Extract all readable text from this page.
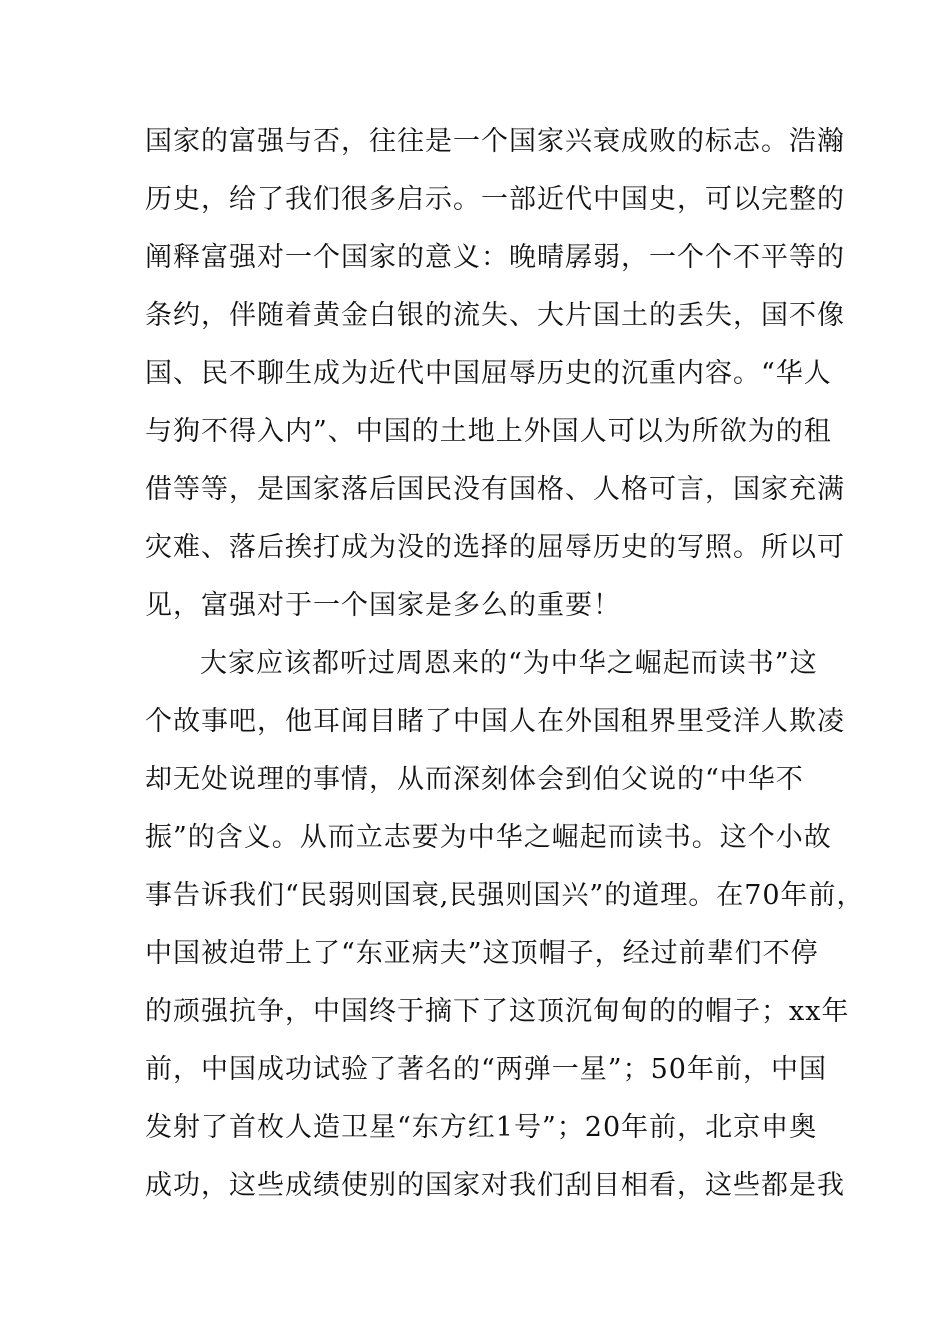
国家的富强与否，往往是一个国家兴衰成败的标志。浩瀚
历史，给了我们很多启示。一部近代中国史，可以完整的
阐释富强对一个国家的意义：晚晴孱弱，一个个不平等的
条约，伴随着黄金白银的流失、大片国土的丢失，国不像
国、民不聊生成为近代中国屈辱历史的沉重内容。“华人
与狗不得入内”、中国的土地上外国人可以为所欲为的租
借等等，是国家落后国民没有国格、人格可言，国家充满
灾难、落后挨打成为没的选择的屈辱历史的写照。所以可
见，富强对于一个国家是多么的重要！
大家应该都听过周恩来的“为中华之崛起而读书”这
个故事吧，他耳闻目睹了中国人在外国租界里受洋人欺凌
却无处说理的事情，从而深刻体会到伯父说的“中华不
振”的含义。从而立志要为中华之崛起而读书。这个小故
事告诉我们“民弱则国衰,民强则国兴”的道理。在70年前，
中国被迫带上了“东亚病夫”这顶帽子，经过前辈们不停
的顽强抗争，中国终于摘下了这顶沉甸甸的的帽子；xx年
前，中国成功试验了著名的“两弹一星”；50年前，中国
发射了首枚人造卫星“东方红1号”；20年前，北京申奥
成功，这些成绩使别的国家对我们刮目相看，这些都是我
